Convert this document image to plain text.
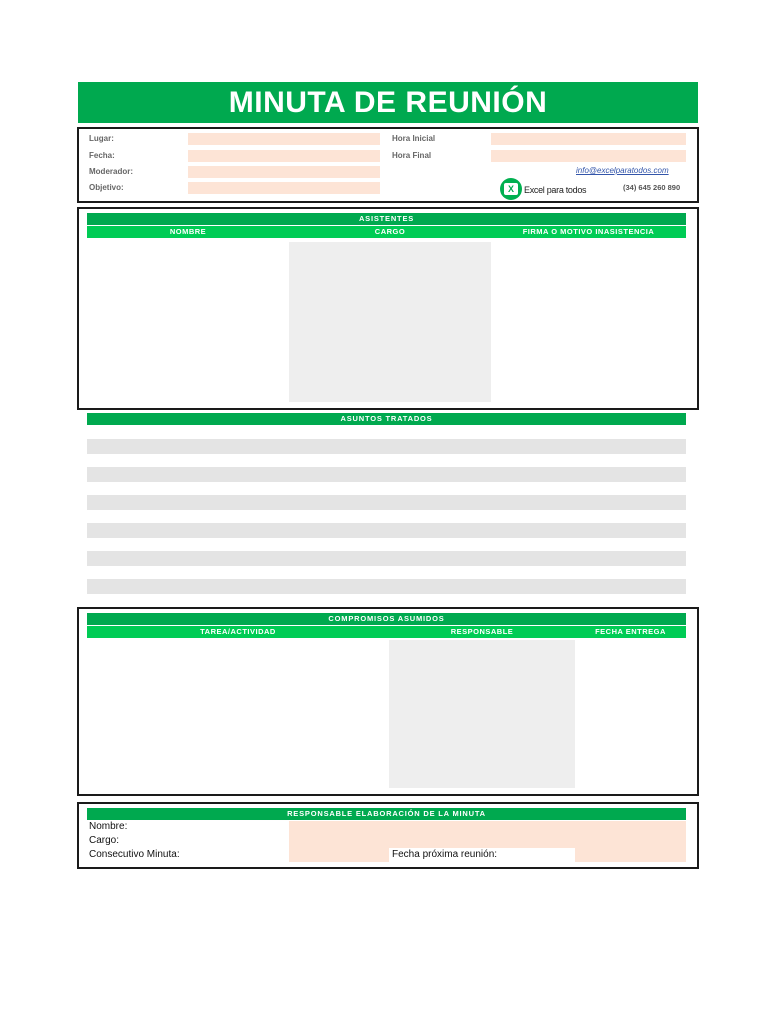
MINUTA DE REUNIÓN
Lugar:
Fecha:
Moderador:
Objetivo:
Hora Inicial
Hora Final
info@excelparatodos.com
X	Excel para todos	(34) 645 260 890
ASISTENTES
NOMBRE	CARGO	FIRMA O MOTIVO INASISTENCIA
ASUNTOS TRATADOS
COMPROMISOS ASUMIDOS
TAREA/ACTIVIDAD	RESPONSABLE	FECHA ENTREGA
RESPONSABLE ELABORACIÓN DE LA MINUTA
Nombre:
Cargo:
Consecutivo Minuta:	Fecha próxima reunión:
